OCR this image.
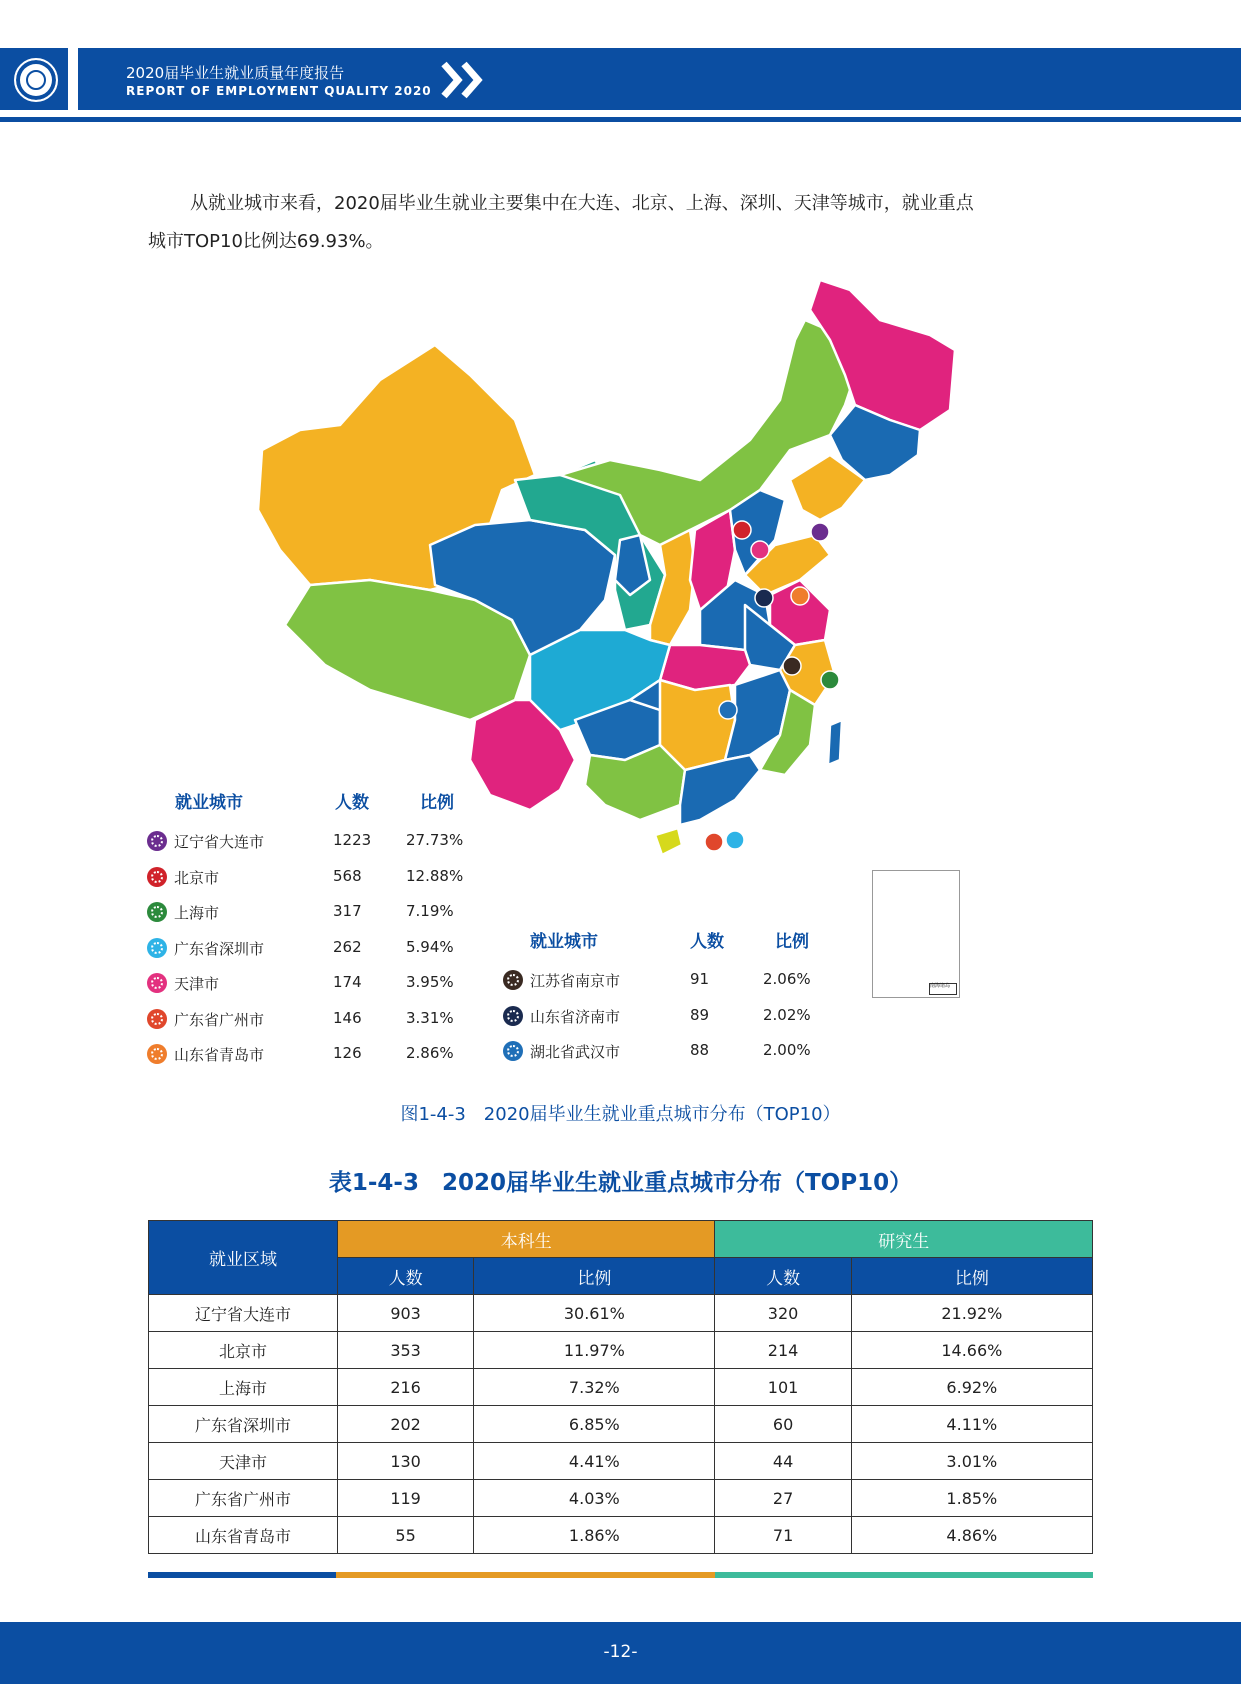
2020届毕业生就业质量年度报告
REPORT OF EMPLOYMENT QUALITY 2020
从就业城市来看，2020届毕业生就业主要集中在大连、北京、上海、深圳、天津等城市，就业重点
城市TOP10比例达69.93%。
南海诸岛
就业城市	人数	比例
辽宁省大连市	1223 27.73%
北京市	568	12.88%
上海市	317	7.19%
广东省深圳市	262	5.94%
天津市	174	3.95%
广东省广州市	146	3.31%
山东省青岛市	126	2.86%
就业城市	人数	比例
江苏省南京市	91	2.06%
山东省济南市	89	2.02%
湖北省武汉市	88	2.00%
图1-4-3　2020届毕业生就业重点城市分布（TOP10）
表1-4-3　2020届毕业生就业重点城市分布（TOP10）
就业区域	本科生		研究生	
	人数	比例	人数	比例
辽宁省大连市	903	30.61%	320	21.92%
北京市	353	11.97%	214	14.66%
上海市	216	7.32%	101	6.92%
广东省深圳市	202	6.85%	60	4.11%
天津市	130	4.41%	44	3.01%
广东省广州市	119	4.03%	27	1.85%
山东省青岛市	55	1.86%	71	4.86%
-12-
